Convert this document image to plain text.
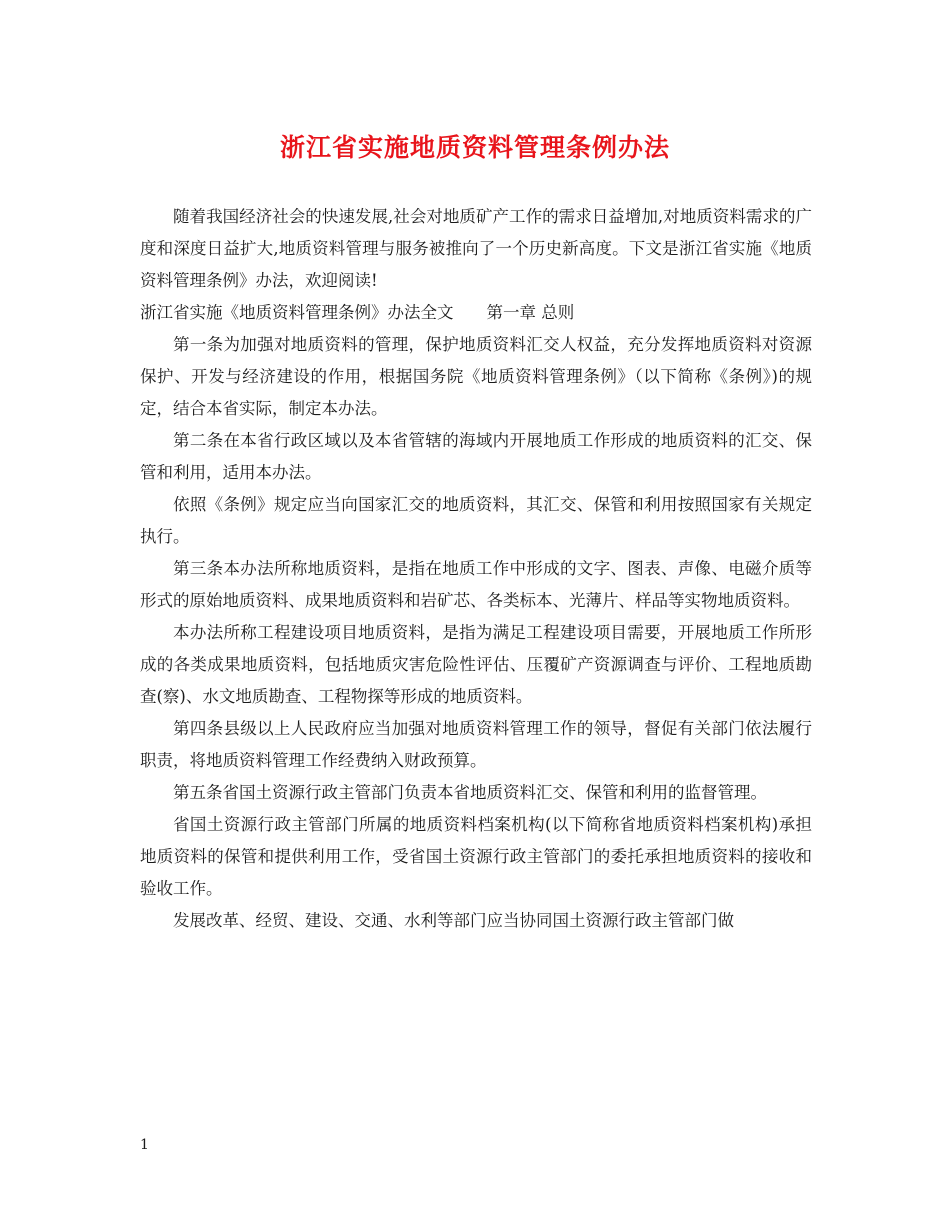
浙江省实施地质资料管理条例办法

随着我国经济社会的快速发展,社会对地质矿产工作的需求日益增加,对地质资料需求的广度和深度日益扩大,地质资料管理与服务被推向了一个历史新高度。下文是浙江省实施《地质资料管理条例》办法，欢迎阅读!

浙江省实施《地质资料管理条例》办法全文　　第一章 总则

第一条为加强对地质资料的管理，保护地质资料汇交人权益，充分发挥地质资料对资源保护、开发与经济建设的作用，根据国务院《地质资料管理条例》（以下简称《条例》)的规定，结合本省实际，制定本办法。

第二条在本省行政区域以及本省管辖的海域内开展地质工作形成的地质资料的汇交、保管和利用，适用本办法。

依照《条例》规定应当向国家汇交的地质资料，其汇交、保管和利用按照国家有关规定执行。

第三条本办法所称地质资料，是指在地质工作中形成的文字、图表、声像、电磁介质等形式的原始地质资料、成果地质资料和岩矿芯、各类标本、光薄片、样品等实物地质资料。

本办法所称工程建设项目地质资料，是指为满足工程建设项目需要，开展地质工作所形成的各类成果地质资料，包括地质灾害危险性评估、压覆矿产资源调查与评价、工程地质勘查(察)、水文地质勘查、工程物探等形成的地质资料。

第四条县级以上人民政府应当加强对地质资料管理工作的领导，督促有关部门依法履行职责，将地质资料管理工作经费纳入财政预算。

第五条省国土资源行政主管部门负责本省地质资料汇交、保管和利用的监督管理。

省国土资源行政主管部门所属的地质资料档案机构(以下简称省地质资料档案机构)承担地质资料的保管和提供利用工作，受省国土资源行政主管部门的委托承担地质资料的接收和验收工作。

发展改革、经贸、建设、交通、水利等部门应当协同国土资源行政主管部门做

1
